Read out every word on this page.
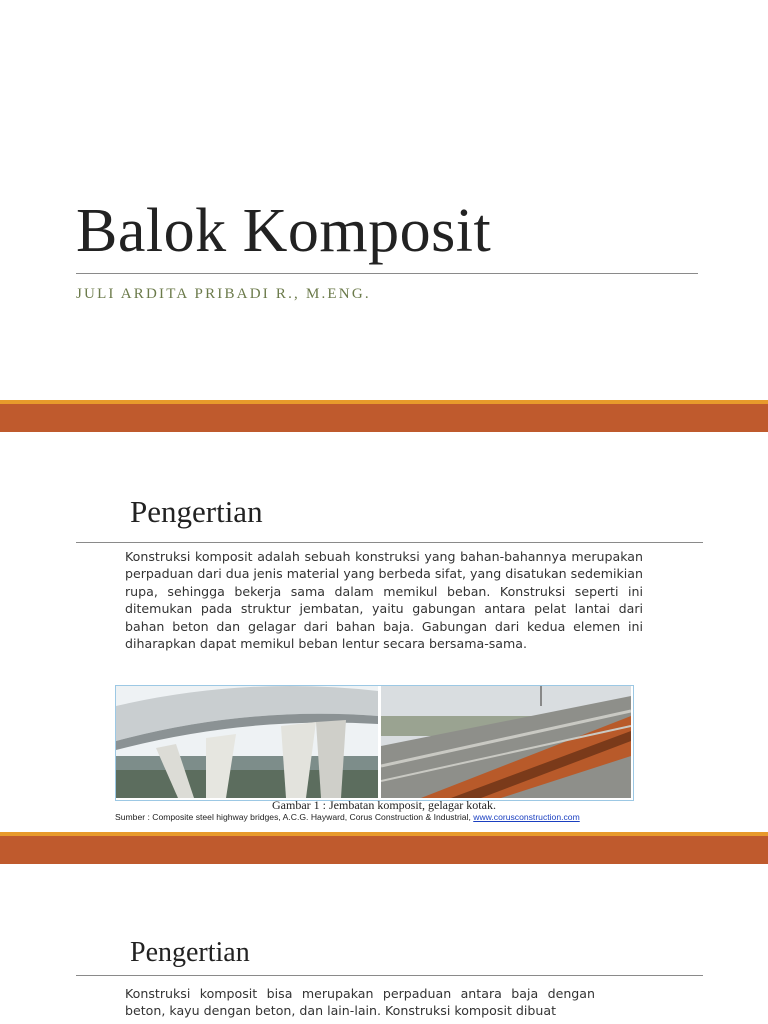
Balok Komposit
JULI ARDITA PRIBADI R., M.ENG.
Pengertian
Konstruksi komposit adalah sebuah konstruksi yang bahan-bahannya merupakan perpaduan dari dua jenis material yang berbeda sifat, yang disatukan sedemikian rupa, sehingga bekerja sama dalam memikul beban. Konstruksi seperti ini ditemukan pada struktur jembatan, yaitu gabungan antara pelat lantai dari bahan beton dan gelagar dari bahan baja. Gabungan dari kedua elemen ini diharapkan dapat memikul beban lentur secara bersama-sama.
Gambar 1 : Jembatan komposit, gelagar kotak.
Sumber : Composite steel highway bridges, A.C.G. Hayward, Corus Construction & Industrial, www.corusconstruction.com
Pengertian
Konstruksi komposit bisa merupakan perpaduan antara baja dengan beton, kayu dengan beton, dan lain-lain. Konstruksi komposit dibuat
